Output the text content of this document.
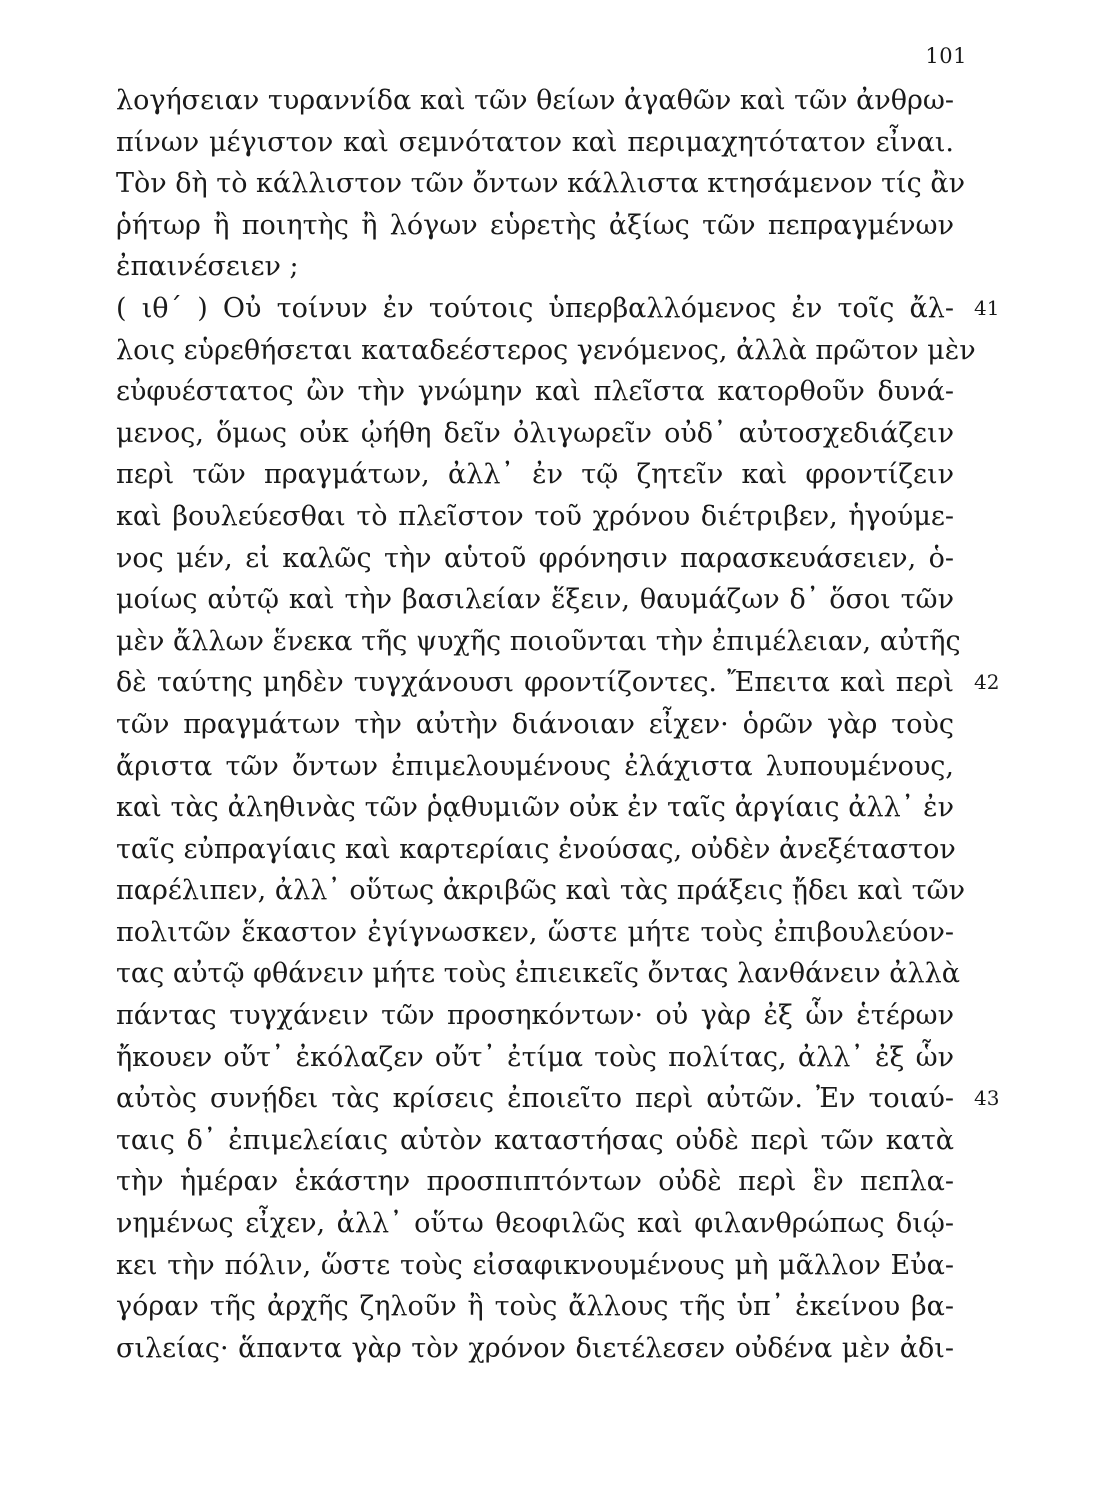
101
λογήσειαν τυραννίδα καὶ τῶν θείων ἀγαθῶν καὶ τῶν ἀνθρω-
πίνων μέγιστον καὶ σεμνότατον καὶ περιμαχητότατον εἶναι.
Τὸν δὴ τὸ κάλλιστον τῶν ὄντων κάλλιστα κτησάμενον τίς ἂν
ῥήτωρ ἢ ποιητὴς ἢ λόγων εὑρετὴς ἀξίως τῶν πεπραγμένων
ἐπαινέσειεν ;
( ιθ΄ ) Οὐ τοίνυν ἐν τούτοις ὑπερβαλλόμενος ἐν τοῖς ἄλ-
λοις εὑρεθήσεται καταδεέστερος γενόμενος, ἀλλὰ πρῶτον μὲν
εὐφυέστατος ὢν τὴν γνώμην καὶ πλεῖστα κατορθοῦν δυνά-
μενος, ὅμως οὐκ ᾠήθη δεῖν ὀλιγωρεῖν οὐδ᾿ αὐτοσχεδιάζειν
περὶ τῶν πραγμάτων, ἀλλ᾿ ἐν τῷ ζητεῖν καὶ φροντίζειν
καὶ βουλεύεσθαι τὸ πλεῖστον τοῦ χρόνου διέτριβεν, ἡγούμε-
νος μέν, εἰ καλῶς τὴν αὑτοῦ φρόνησιν παρασκευάσειεν, ὁ-
μοίως αὐτῷ καὶ τὴν βασιλείαν ἕξειν, θαυμάζων δ᾿ ὅσοι τῶν
μὲν ἄλλων ἕνεκα τῆς ψυχῆς ποιοῦνται τὴν ἐπιμέλειαν, αὐτῆς
δὲ ταύτης μηδὲν τυγχάνουσι φροντίζοντες. Ἔπειτα καὶ περὶ
τῶν πραγμάτων τὴν αὐτὴν διάνοιαν εἶχεν· ὁρῶν γὰρ τοὺς
ἄριστα τῶν ὄντων ἐπιμελουμένους ἐλάχιστα λυπουμένους,
καὶ τὰς ἀληθινὰς τῶν ῥᾳθυμιῶν οὐκ ἐν ταῖς ἀργίαις ἀλλ᾿ ἐν
ταῖς εὐπραγίαις καὶ καρτερίαις ἐνούσας, οὐδὲν ἀνεξέταστον
παρέλιπεν, ἀλλ᾿ οὕτως ἀκριβῶς καὶ τὰς πράξεις ᾔδει καὶ τῶν
πολιτῶν ἕκαστον ἐγίγνωσκεν, ὥστε μήτε τοὺς ἐπιβουλεύον-
τας αὐτῷ φθάνειν μήτε τοὺς ἐπιεικεῖς ὄντας λανθάνειν ἀλλὰ
πάντας τυγχάνειν τῶν προσηκόντων· οὐ γὰρ ἐξ ὧν ἑτέρων
ἤκουεν οὔτ᾿ ἐκόλαζεν οὔτ᾿ ἐτίμα τοὺς πολίτας, ἀλλ᾿ ἐξ ὧν
αὐτὸς συνῄδει τὰς κρίσεις ἐποιεῖτο περὶ αὐτῶν. Ἐν τοιαύ-
ταις δ᾿ ἐπιμελείαις αὑτὸν καταστήσας οὐδὲ περὶ τῶν κατὰ
τὴν ἡμέραν ἑκάστην προσπιπτόντων οὐδὲ περὶ ἓν πεπλα-
νημένως εἶχεν, ἀλλ᾿ οὕτω θεοφιλῶς καὶ φιλανθρώπως διῴ-
κει τὴν πόλιν, ὥστε τοὺς εἰσαφικνουμένους μὴ μᾶλλον Εὐα-
γόραν τῆς ἀρχῆς ζηλοῦν ἢ τοὺς ἄλλους τῆς ὑπ᾿ ἐκείνου βα-
σιλείας· ἅπαντα γὰρ τὸν χρόνον διετέλεσεν οὐδένα μὲν ἀδι-
41
42
43
